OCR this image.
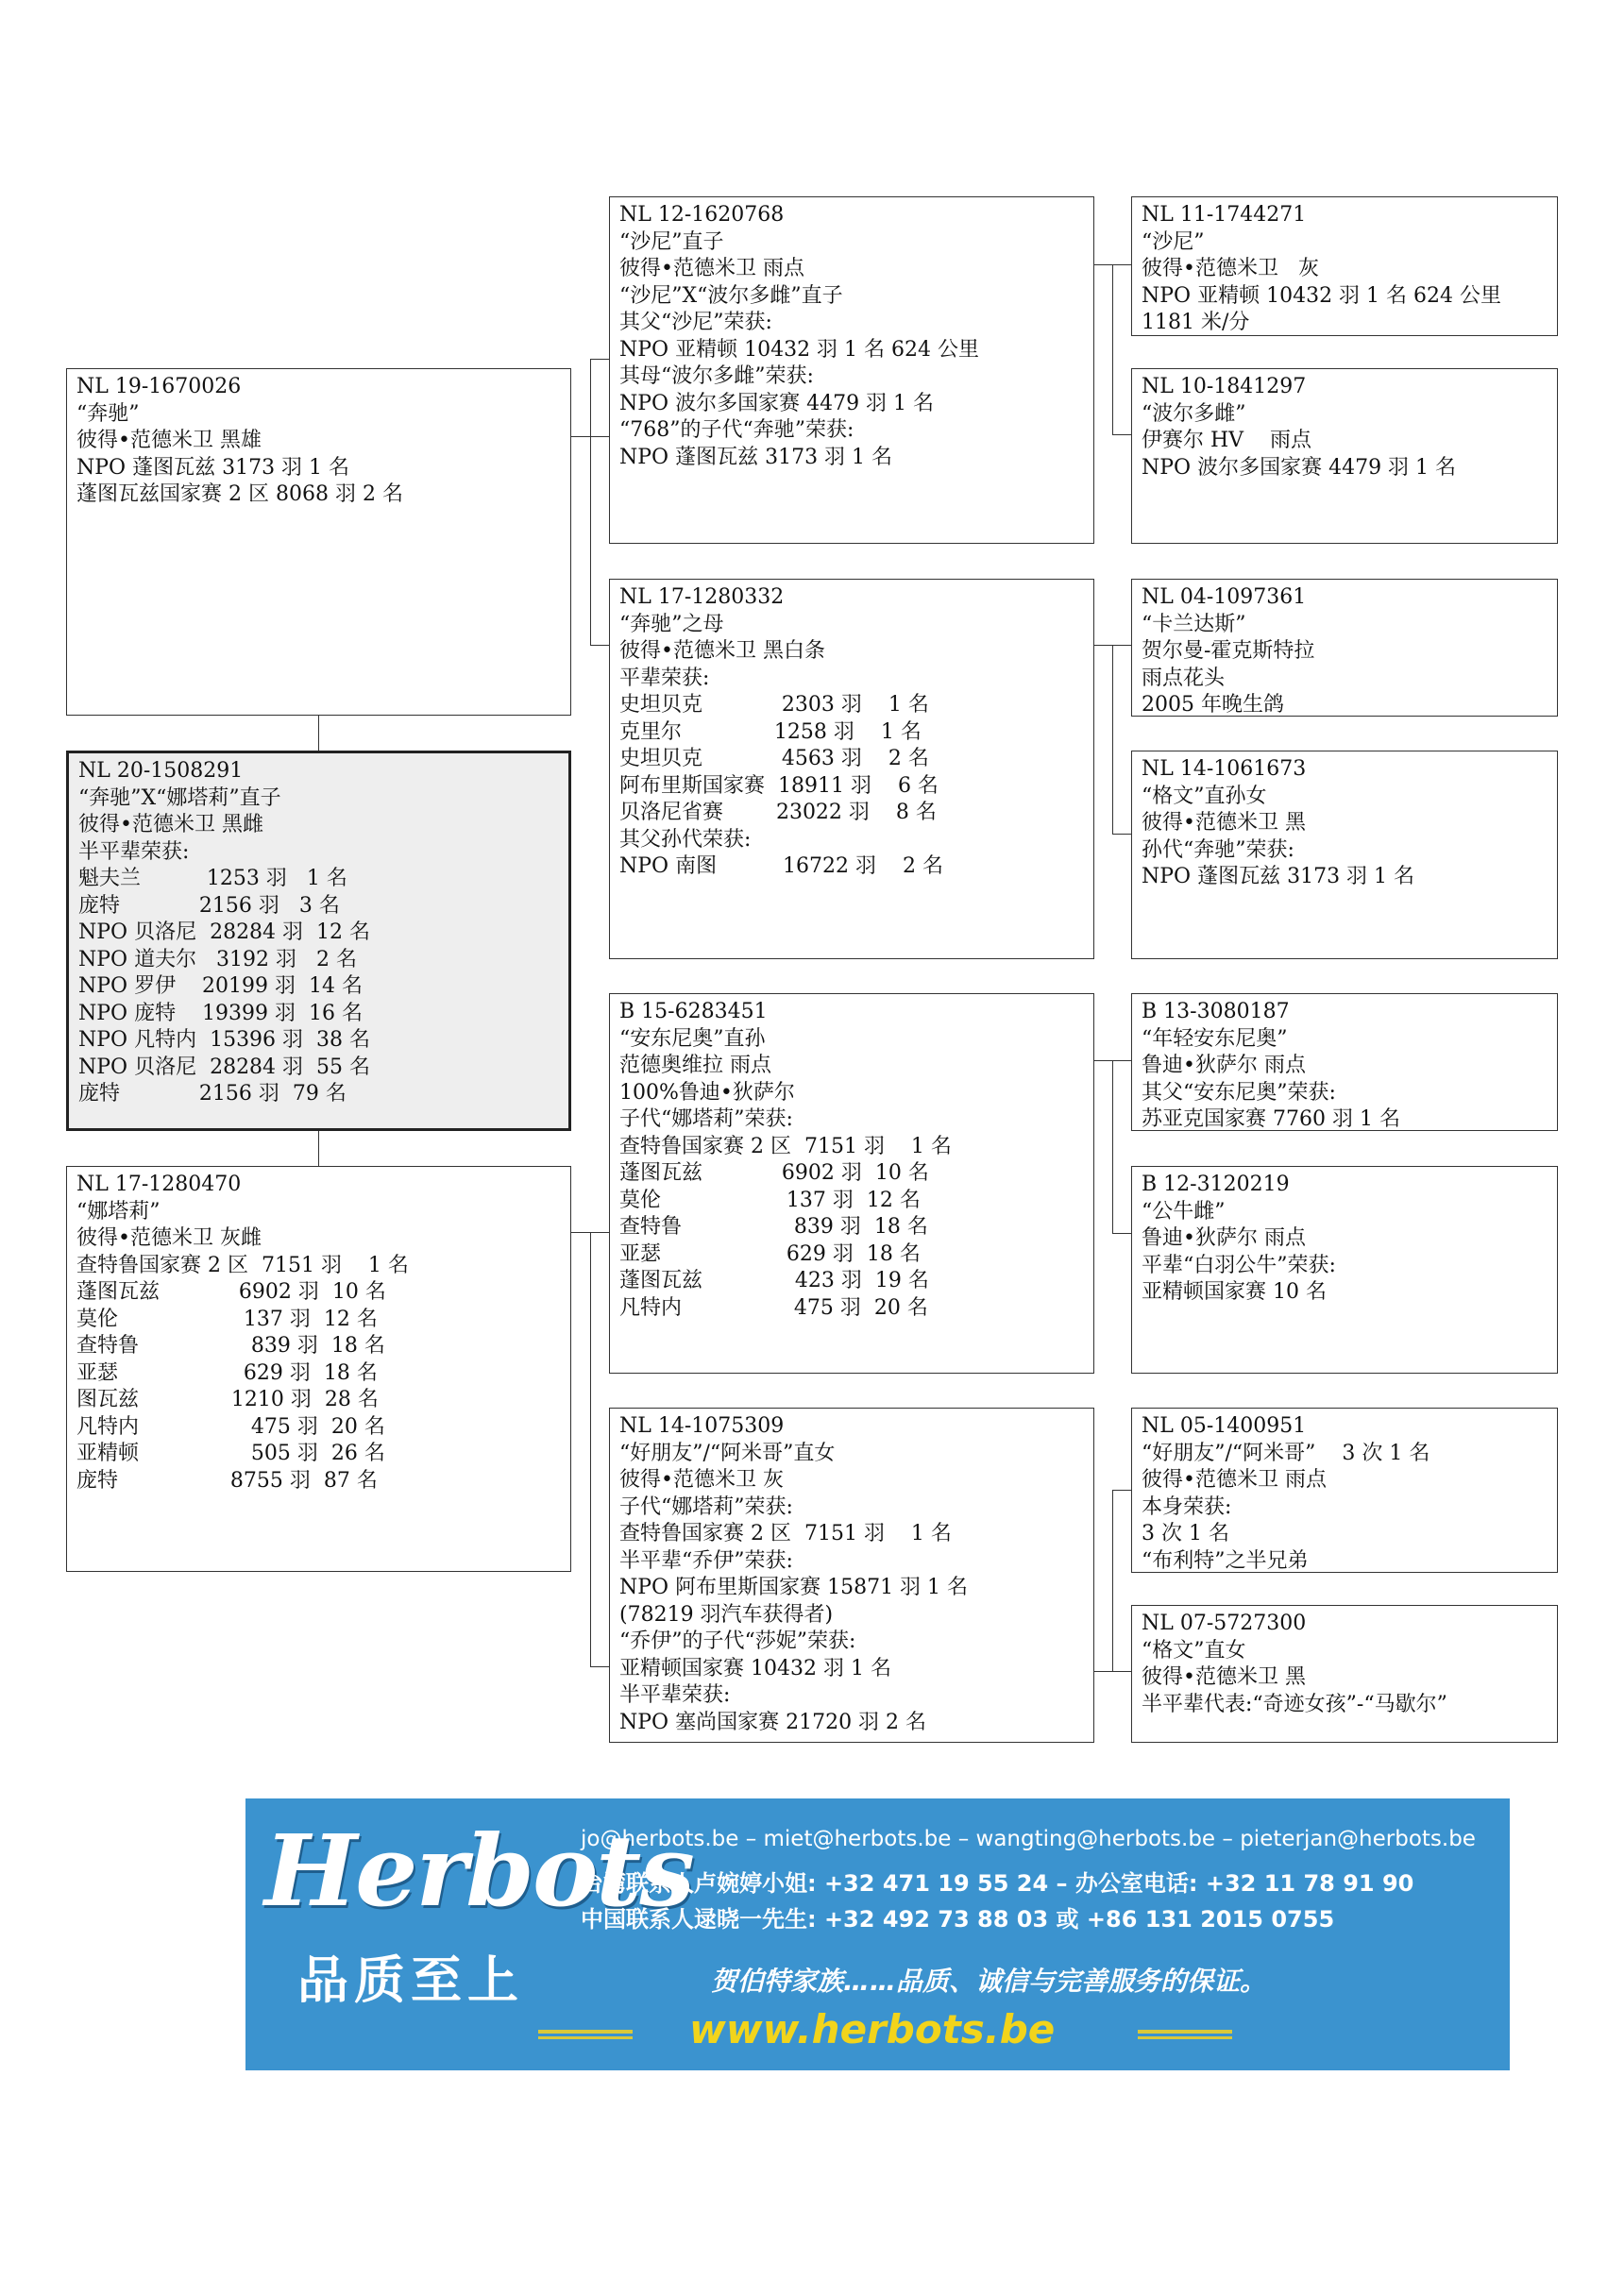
NL 19-1670026
“奔驰”
彼得•范德米卫 黑雄
NPO 蓬图瓦兹 3173 羽 1 名
蓬图瓦兹国家赛 2 区 8068 羽 2 名
NL 20-1508291
“奔驰”X“娜塔莉”直子
彼得•范德米卫 黑雌
半平辈荣获:
魁夫兰          1253 羽   1 名
庞特            2156 羽   3 名
NPO 贝洛尼  28284 羽  12 名
NPO 道夫尔   3192 羽   2 名
NPO 罗伊    20199 羽  14 名
NPO 庞特    19399 羽  16 名
NPO 凡特内  15396 羽  38 名
NPO 贝洛尼  28284 羽  55 名
庞特            2156 羽  79 名
NL 17-1280470
“娜塔莉”
彼得•范德米卫 灰雌
查特鲁国家赛 2 区  7151 羽    1 名
蓬图瓦兹            6902 羽  10 名
莫伦                   137 羽  12 名
查特鲁                 839 羽  18 名
亚瑟                   629 羽  18 名
图瓦兹              1210 羽  28 名
凡特内                 475 羽  20 名
亚精顿                 505 羽  26 名
庞特                 8755 羽  87 名
NL 12-1620768
“沙尼”直子
彼得•范德米卫 雨点
“沙尼”X“波尔多雌”直子
其父“沙尼”荣获:
NPO 亚精顿 10432 羽 1 名 624 公里
其母“波尔多雌”荣获:
NPO 波尔多国家赛 4479 羽 1 名
“768”的子代“奔驰”荣获:
NPO 蓬图瓦兹 3173 羽 1 名
NL 17-1280332
“奔驰”之母
彼得•范德米卫 黑白条
平辈荣获:
史坦贝克            2303 羽    1 名
克里尔              1258 羽    1 名
史坦贝克            4563 羽    2 名
阿布里斯国家赛  18911 羽    6 名
贝洛尼省赛        23022 羽    8 名
其父孙代荣获:
NPO 南图          16722 羽    2 名
B 15-6283451
“安东尼奥”直孙
范德奥维拉 雨点
100%鲁迪•狄萨尔
子代“娜塔莉”荣获:
查特鲁国家赛 2 区  7151 羽    1 名
蓬图瓦兹            6902 羽  10 名
莫伦                   137 羽  12 名
查特鲁                 839 羽  18 名
亚瑟                   629 羽  18 名
蓬图瓦兹              423 羽  19 名
凡特内                 475 羽  20 名
NL 14-1075309
“好朋友”/“阿米哥”直女
彼得•范德米卫 灰
子代“娜塔莉”荣获:
查特鲁国家赛 2 区  7151 羽    1 名
半平辈“乔伊”荣获:
NPO 阿布里斯国家赛 15871 羽 1 名
(78219 羽汽车获得者)
“乔伊”的子代“莎妮”荣获:
亚精顿国家赛 10432 羽 1 名
半平辈荣获:
NPO 塞尚国家赛 21720 羽 2 名
NL 11-1744271
“沙尼”
彼得•范德米卫   灰
NPO 亚精顿 10432 羽 1 名 624 公里
1181 米/分
NL 10-1841297
“波尔多雌”
伊赛尔 HV    雨点
NPO 波尔多国家赛 4479 羽 1 名
NL 04-1097361
“卡兰达斯”
贺尔曼-霍克斯特拉
雨点花头
2005 年晚生鸽
NL 14-1061673
“格文”直孙女
彼得•范德米卫 黑
孙代“奔驰”荣获:
NPO 蓬图瓦兹 3173 羽 1 名
B 13-3080187
“年轻安东尼奥”
鲁迪•狄萨尔 雨点
其父“安东尼奥”荣获:
苏亚克国家赛 7760 羽 1 名
B 12-3120219
“公牛雌”
鲁迪•狄萨尔 雨点
平辈“白羽公牛”荣获:
亚精顿国家赛 10 名
NL 05-1400951
“好朋友”/“阿米哥”    3 次 1 名
彼得•范德米卫 雨点
本身荣获:
3 次 1 名
“布利特”之半兄弟
NL 07-5727300
“格文”直女
彼得•范德米卫 黑
半平辈代表:“奇迹女孩”-“马歇尔”
Herbots
品质至上
jo@herbots.be – miet@herbots.be – wangting@herbots.be – pieterjan@herbots.be
台湾联系人卢婉婷小姐: +32 471 19 55 24 – 办公室电话: +32 11 78 91 90
中国联系人逯晓一先生: +32 492 73 88 03 或 +86 131 2015 0755
贺伯特家族……品质、诚信与完善服务的保证。
www.herbots.be
